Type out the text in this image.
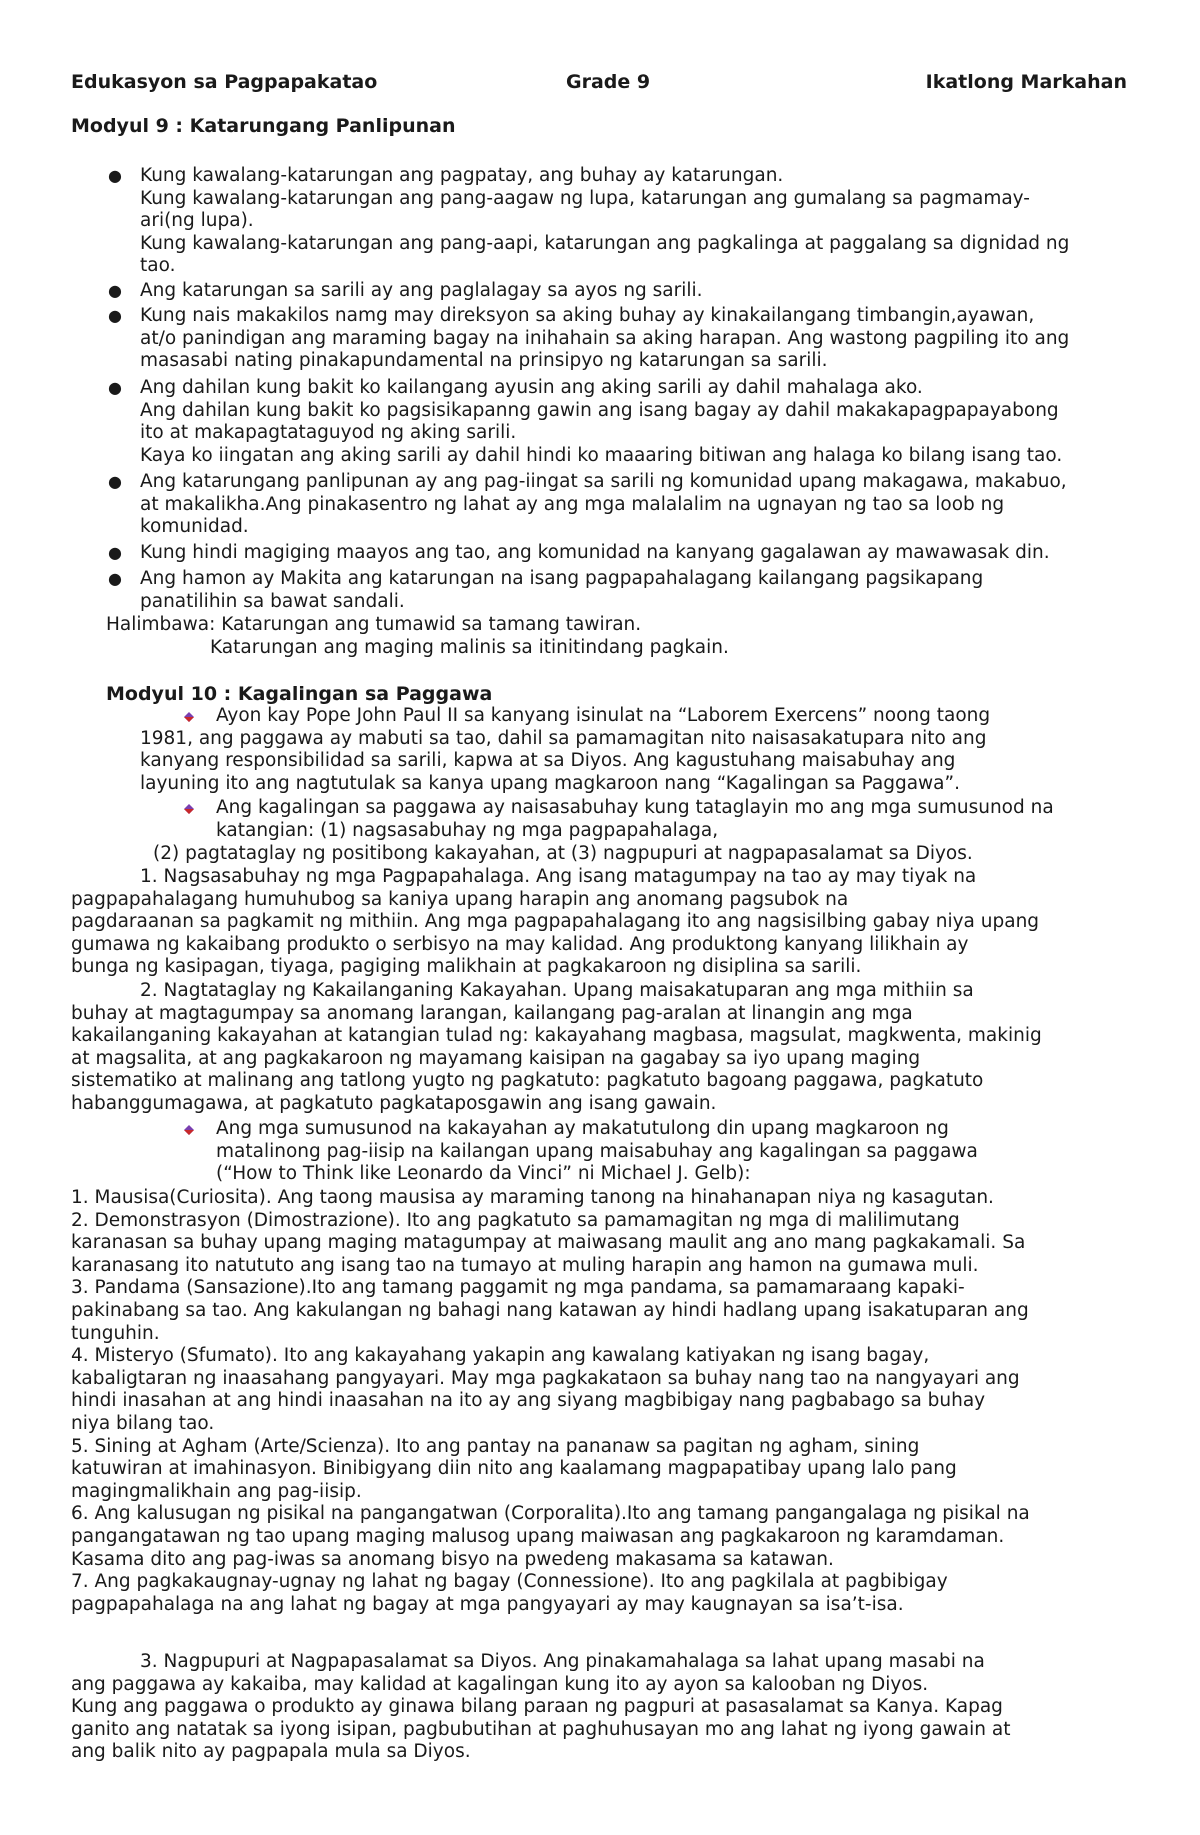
Edukasyon sa Pagpapakatao	Grade 9	Ikatlong Markahan
Modyul 9 : Katarungang Panlipunan
● Kung kawalang-katarungan ang pagpatay, ang buhay ay katarungan.

Kung kawalang-katarungan ang pang-aagaw ng lupa, katarungan ang gumalang sa pagmamay-

ari(ng lupa).

Kung kawalang-katarungan ang pang-aapi, katarungan ang pagkalinga at paggalang sa dignidad ng

tao.

● Ang katarungan sa sarili ay ang paglalagay sa ayos ng sarili.

● Kung nais makakilos namg may direksyon sa aking buhay ay kinakailangang timbangin,ayawan,

at/o panindigan ang maraming bagay na inihahain sa aking harapan. Ang wastong pagpiling ito ang

masasabi nating pinakapundamental na prinsipyo ng katarungan sa sarili.

● Ang dahilan kung bakit ko kailangang ayusin ang aking sarili ay dahil mahalaga ako.

Ang dahilan kung bakit ko pagsisikapanng gawin ang isang bagay ay dahil makakapagpapayabong

ito at makapagtataguyod ng aking sarili.

Kaya ko iingatan ang aking sarili ay dahil hindi ko maaaring bitiwan ang halaga ko bilang isang tao.

● Ang katarungang panlipunan ay ang pag-iingat sa sarili ng komunidad upang makagawa, makabuo,

at makalikha.Ang pinakasentro ng lahat ay ang mga malalalim na ugnayan ng tao sa loob ng

komunidad.

● Kung hindi magiging maayos ang tao, ang komunidad na kanyang gagalawan ay mawawasak din.

● Ang hamon ay Makita ang katarungan na isang pagpapahalagang kailangang pagsikapang

panatilihin sa bawat sandali.

Halimbawa: Katarungan ang tumawid sa tamang tawiran.
Katarungan ang maging malinis sa itinitindang pagkain.
Modyul 10 : Kagalingan sa Paggawa

Ayon kay Pope John Paul II sa kanyang isinulat na “Laborem Exercens” noong taong

1981, ang paggawa ay mabuti sa tao, dahil sa pamamagitan nito naisasakatupara nito ang

kanyang responsibilidad sa sarili, kapwa at sa Diyos. Ang kagustuhang maisabuhay ang

layuning ito ang nagtutulak sa kanya upang magkaroon nang “Kagalingan sa Paggawa”.

Ang kagalingan sa paggawa ay naisasabuhay kung tataglayin mo ang mga sumusunod na

katangian: (1) nagsasabuhay ng mga pagpapahalaga,

(2) pagtataglay ng positibong kakayahan, at (3) nagpupuri at nagpapasalamat sa Diyos.

1. Nagsasabuhay ng mga Pagpapahalaga. Ang isang matagumpay na tao ay may tiyak na

pagpapahalagang humuhubog sa kaniya upang harapin ang anomang pagsubok na

pagdaraanan sa pagkamit ng mithiin. Ang mga pagpapahalagang ito ang nagsisilbing gabay niya upang

gumawa ng kakaibang produkto o serbisyo na may kalidad. Ang produktong kanyang lilikhain ay

bunga ng kasipagan, tiyaga, pagiging malikhain at pagkakaroon ng disiplina sa sarili.

2. Nagtataglay ng Kakailanganing Kakayahan. Upang maisakatuparan ang mga mithiin sa

buhay at magtagumpay sa anomang larangan, kailangang pag-aralan at linangin ang mga

kakailanganing kakayahan at katangian tulad ng: kakayahang magbasa, magsulat, magkwenta, makinig

at magsalita, at ang pagkakaroon ng mayamang kaisipan na gagabay sa iyo upang maging

sistematiko at malinang ang tatlong yugto ng pagkatuto: pagkatuto bagoang paggawa, pagkatuto

habanggumagawa, at pagkatuto pagkataposgawin ang isang gawain.

Ang mga sumusunod na kakayahan ay makatutulong din upang magkaroon ng

matalinong pag-iisip na kailangan upang maisabuhay ang kagalingan sa paggawa

(“How to Think like Leonardo da Vinci” ni Michael J. Gelb):

1. Mausisa(Curiosita). Ang taong mausisa ay maraming tanong na hinahanapan niya ng kasagutan.

2. Demonstrasyon (Dimostrazione). Ito ang pagkatuto sa pamamagitan ng mga di malilimutang

karanasan sa buhay upang maging matagumpay at maiwasang maulit ang ano mang pagkakamali. Sa

karanasang ito natututo ang isang tao na tumayo at muling harapin ang hamon na gumawa muli.

3. Pandama (Sansazione).Ito ang tamang paggamit ng mga pandama, sa pamamaraang kapaki-

pakinabang sa tao. Ang kakulangan ng bahagi nang katawan ay hindi hadlang upang isakatuparan ang

tunguhin.

4. Misteryo (Sfumato). Ito ang kakayahang yakapin ang kawalang katiyakan ng isang bagay,

kabaligtaran ng inaasahang pangyayari. May mga pagkakataon sa buhay nang tao na nangyayari ang

hindi inasahan at ang hindi inaasahan na ito ay ang siyang magbibigay nang pagbabago sa buhay

niya bilang tao.

5. Sining at Agham (Arte/Scienza). Ito ang pantay na pananaw sa pagitan ng agham, sining

katuwiran at imahinasyon. Binibigyang diin nito ang kaalamang magpapatibay upang lalo pang

magingmalikhain ang pag-iisip.

6. Ang kalusugan ng pisikal na pangangatwan (Corporalita).Ito ang tamang pangangalaga ng pisikal na

pangangatawan ng tao upang maging malusog upang maiwasan ang pagkakaroon ng karamdaman.

Kasama dito ang pag-iwas sa anomang bisyo na pwedeng makasama sa katawan.

7. Ang pagkakaugnay-ugnay ng lahat ng bagay (Connessione). Ito ang pagkilala at pagbibigay

pagpapahalaga na ang lahat ng bagay at mga pangyayari ay may kaugnayan sa isa’t-isa.

3. Nagpupuri at Nagpapasalamat sa Diyos. Ang pinakamahalaga sa lahat upang masabi na

ang paggawa ay kakaiba, may kalidad at kagalingan kung ito ay ayon sa kalooban ng Diyos.

Kung ang paggawa o produkto ay ginawa bilang paraan ng pagpuri at pasasalamat sa Kanya. Kapag

ganito ang natatak sa iyong isipan, pagbubutihan at paghuhusayan mo ang lahat ng iyong gawain at

ang balik nito ay pagpapala mula sa Diyos.
